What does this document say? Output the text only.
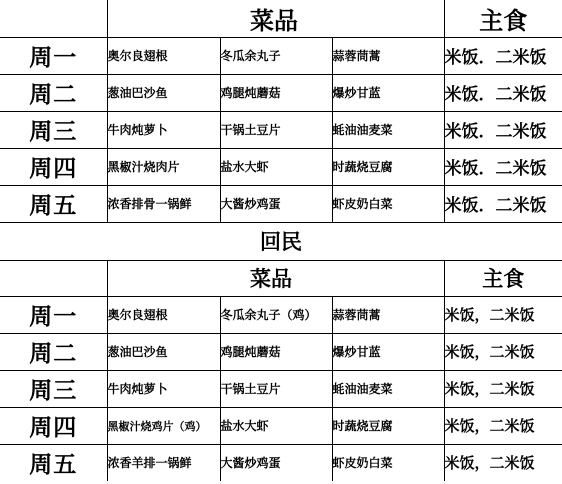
		菜品		主食
周一	奥尔良翅根	冬瓜余丸子	蒜蓉茼蒿	米饭．二米饭
周二	葱油巴沙鱼	鸡腿炖蘑菇	爆炒甘蓝	米饭．二米饭
周三	牛肉炖萝卜	干锅土豆片	蚝油油麦菜	米饭．二米饭
周四	黑椒汁烧肉片	盐水大虾	时蔬烧豆腐	米饭．二米饭
周五	浓香排骨一锅鲜	大酱炒鸡蛋	虾皮奶白菜	米饭．二米饭
回民				
		菜品		主食
周一	奥尔良翅根	冬瓜余丸子（鸡）	蒜蓉茼蒿	米饭，二米饭
周二	葱油巴沙鱼	鸡腿炖蘑菇	爆炒甘蓝	米饭，二米饭
周三	牛肉炖萝卜	干锅土豆片	蚝油油麦菜	米饭，二米饭
周四	黑椒汁烧鸡片（鸡）	盐水大虾	时蔬烧豆腐	米饭，二米饭
周五	浓香羊排一锅鲜	大酱炒鸡蛋	虾皮奶白菜	米饭，二米饭
